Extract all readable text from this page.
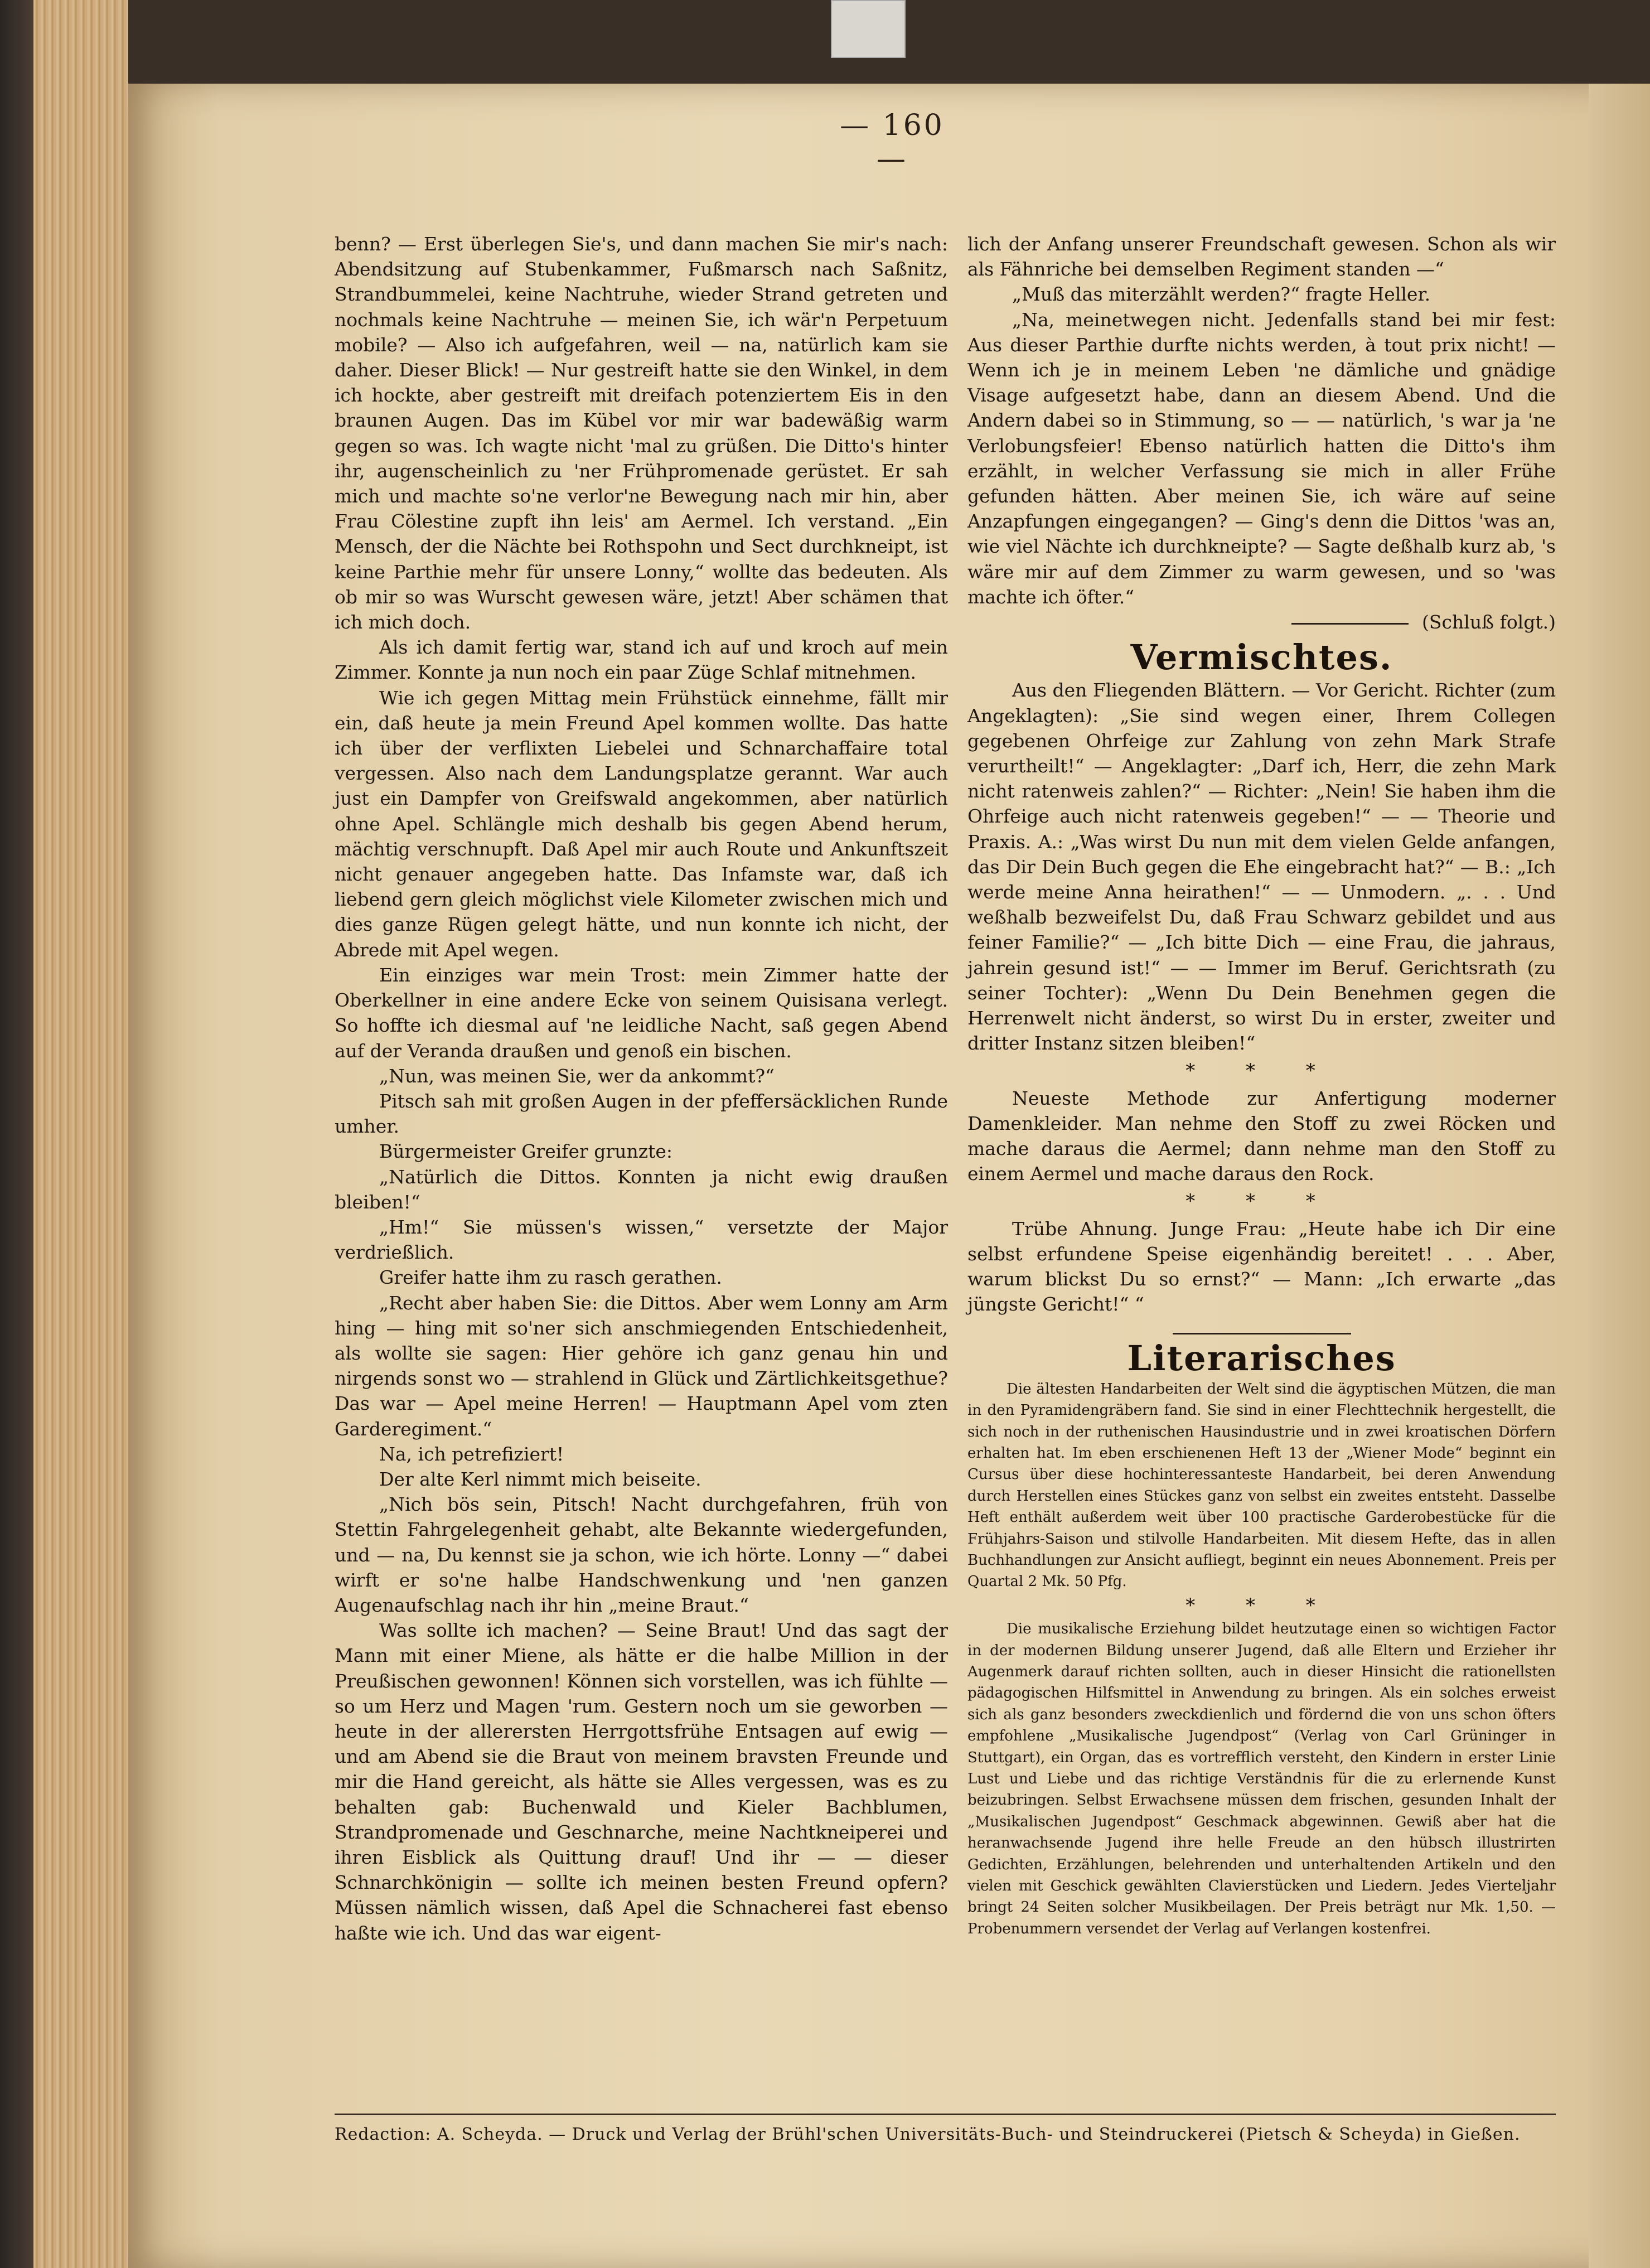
— 160 —

benn? — Erst überlegen Sie's, und dann machen Sie mir's nach: Abendsitzung auf Stubenkammer, Fußmarsch nach Saßnitz, Strandbummelei, keine Nachtruhe, wieder Strand getreten und nochmals keine Nachtruhe — meinen Sie, ich wär'n Perpetuum mobile? — Also ich aufgefahren, weil — na, natürlich kam sie daher. Dieser Blick! — Nur gestreift hatte sie den Winkel, in dem ich hockte, aber gestreift mit dreifach potenziertem Eis in den braunen Augen. Das im Kübel vor mir war badewäßig warm gegen so was. Ich wagte nicht 'mal zu grüßen. Die Ditto's hinter ihr, augenscheinlich zu 'ner Frühpromenade gerüstet. Er sah mich und machte so'ne verlor'ne Bewegung nach mir hin, aber Frau Cölestine zupft ihn leis' am Aermel. Ich verstand. „Ein Mensch, der die Nächte bei Rothspohn und Sect durchkneipt, ist keine Parthie mehr für unsere Lonny,“ wollte das bedeuten. Als ob mir so was Wurscht gewesen wäre, jetzt! Aber schämen that ich mich doch.

Als ich damit fertig war, stand ich auf und kroch auf mein Zimmer. Konnte ja nun noch ein paar Züge Schlaf mitnehmen.

Wie ich gegen Mittag mein Frühstück einnehme, fällt mir ein, daß heute ja mein Freund Apel kommen wollte. Das hatte ich über der verflixten Liebelei und Schnarchaffaire total vergessen. Also nach dem Landungsplatze gerannt. War auch just ein Dampfer von Greifswald angekommen, aber natürlich ohne Apel. Schlängle mich deshalb bis gegen Abend herum, mächtig verschnupft. Daß Apel mir auch Route und Ankunftszeit nicht genauer angegeben hatte. Das Infamste war, daß ich liebend gern gleich möglichst viele Kilometer zwischen mich und dies ganze Rügen gelegt hätte, und nun konnte ich nicht, der Abrede mit Apel wegen.

Ein einziges war mein Trost: mein Zimmer hatte der Oberkellner in eine andere Ecke von seinem Quisisana verlegt. So hoffte ich diesmal auf 'ne leidliche Nacht, saß gegen Abend auf der Veranda draußen und genoß ein bischen.

„Nun, was meinen Sie, wer da ankommt?“

Pitsch sah mit großen Augen in der pfeffersäcklichen Runde umher.

Bürgermeister Greifer grunzte:

„Natürlich die Dittos. Konnten ja nicht ewig draußen bleiben!“

„Hm!“ Sie müssen's wissen,“ versetzte der Major verdrießlich.

Greifer hatte ihm zu rasch gerathen.

„Recht aber haben Sie: die Dittos. Aber wem Lonny am Arm hing — hing mit so'ner sich anschmiegenden Entschiedenheit, als wollte sie sagen: Hier gehöre ich ganz genau hin und nirgends sonst wo — strahlend in Glück und Zärtlichkeitsgethue? Das war — Apel meine Herren! — Hauptmann Apel vom zten Garderegiment.“

Na, ich petrefiziert!

Der alte Kerl nimmt mich beiseite.

„Nich bös sein, Pitsch! Nacht durchgefahren, früh von Stettin Fahrgelegenheit gehabt, alte Bekannte wiedergefunden, und — na, Du kennst sie ja schon, wie ich hörte. Lonny —“ dabei wirft er so'ne halbe Handschwenkung und 'nen ganzen Augenaufschlag nach ihr hin „meine Braut.“

Was sollte ich machen? — Seine Braut! Und das sagt der Mann mit einer Miene, als hätte er die halbe Million in der Preußischen gewonnen! Können sich vorstellen, was ich fühlte — so um Herz und Magen 'rum. Gestern noch um sie geworben — heute in der allerersten Herrgottsfrühe Entsagen auf ewig — und am Abend sie die Braut von meinem bravsten Freunde und mir die Hand gereicht, als hätte sie Alles vergessen, was es zu behalten gab: Buchenwald und Kieler Bachblumen, Strandpromenade und Geschnarche, meine Nachtkneiperei und ihren Eisblick als Quittung drauf! Und ihr — — dieser Schnarchkönigin — sollte ich meinen besten Freund opfern? Müssen nämlich wissen, daß Apel die Schnacherei fast ebenso haßte wie ich. Und das war eigent-

lich der Anfang unserer Freundschaft gewesen. Schon als wir als Fähnriche bei demselben Regiment standen —“

„Muß das miterzählt werden?“ fragte Heller.

„Na, meinetwegen nicht. Jedenfalls stand bei mir fest: Aus dieser Parthie durfte nichts werden, à tout prix nicht! — Wenn ich je in meinem Leben 'ne dämliche und gnädige Visage aufgesetzt habe, dann an diesem Abend. Und die Andern dabei so in Stimmung, so — — natürlich, 's war ja 'ne Verlobungsfeier! Ebenso natürlich hatten die Ditto's ihm erzählt, in welcher Verfassung sie mich in aller Frühe gefunden hätten. Aber meinen Sie, ich wäre auf seine Anzapfungen eingegangen? — Ging's denn die Dittos 'was an, wie viel Nächte ich durchkneipte? — Sagte deßhalb kurz ab, 's wäre mir auf dem Zimmer zu warm gewesen, und so 'was machte ich öfter.“

(Schluß folgt.)

Vermischtes.

Aus den Fliegenden Blättern. — Vor Gericht. Richter (zum Angeklagten): „Sie sind wegen einer, Ihrem Collegen gegebenen Ohrfeige zur Zahlung von zehn Mark Strafe verurtheilt!“ — Angeklagter: „Darf ich, Herr, die zehn Mark nicht ratenweis zahlen?“ — Richter: „Nein! Sie haben ihm die Ohrfeige auch nicht ratenweis gegeben!“ — — Theorie und Praxis. A.: „Was wirst Du nun mit dem vielen Gelde anfangen, das Dir Dein Buch gegen die Ehe eingebracht hat?“ — B.: „Ich werde meine Anna heirathen!“ — — Unmodern. „. . . Und weßhalb bezweifelst Du, daß Frau Schwarz gebildet und aus feiner Familie?“ — „Ich bitte Dich — eine Frau, die jahraus, jahrein gesund ist!“ — — Immer im Beruf. Gerichtsrath (zu seiner Tochter): „Wenn Du Dein Benehmen gegen die Herrenwelt nicht änderst, so wirst Du in erster, zweiter und dritter Instanz sitzen bleiben!“

* * *

Neueste Methode zur Anfertigung moderner Damenkleider. Man nehme den Stoff zu zwei Röcken und mache daraus die Aermel; dann nehme man den Stoff zu einem Aermel und mache daraus den Rock.

* * *

Trübe Ahnung. Junge Frau: „Heute habe ich Dir eine selbst erfundene Speise eigenhändig bereitet! . . . Aber, warum blickst Du so ernst?“ — Mann: „Ich erwarte „das jüngste Gericht!“ “

Literarisches

Die ältesten Handarbeiten der Welt sind die ägyptischen Mützen, die man in den Pyramidengräbern fand. Sie sind in einer Flechttechnik hergestellt, die sich noch in der ruthenischen Hausindustrie und in zwei kroatischen Dörfern erhalten hat. Im eben erschienenen Heft 13 der „Wiener Mode“ beginnt ein Cursus über diese hochinteressanteste Handarbeit, bei deren Anwendung durch Herstellen eines Stückes ganz von selbst ein zweites entsteht. Dasselbe Heft enthält außerdem weit über 100 practische Garderobestücke für die Frühjahrs-Saison und stilvolle Handarbeiten. Mit diesem Hefte, das in allen Buchhandlungen zur Ansicht aufliegt, beginnt ein neues Abonnement. Preis per Quartal 2 Mk. 50 Pfg.

* * *

Die musikalische Erziehung bildet heutzutage einen so wichtigen Factor in der modernen Bildung unserer Jugend, daß alle Eltern und Erzieher ihr Augenmerk darauf richten sollten, auch in dieser Hinsicht die rationellsten pädagogischen Hilfsmittel in Anwendung zu bringen. Als ein solches erweist sich als ganz besonders zweckdienlich und fördernd die von uns schon öfters empfohlene „Musikalische Jugendpost“ (Verlag von Carl Grüninger in Stuttgart), ein Organ, das es vortrefflich versteht, den Kindern in erster Linie Lust und Liebe und das richtige Verständnis für die zu erlernende Kunst beizubringen. Selbst Erwachsene müssen dem frischen, gesunden Inhalt der „Musikalischen Jugendpost“ Geschmack abgewinnen. Gewiß aber hat die heranwachsende Jugend ihre helle Freude an den hübsch illustrirten Gedichten, Erzählungen, belehrenden und unterhaltenden Artikeln und den vielen mit Geschick gewählten Clavierstücken und Liedern. Jedes Vierteljahr bringt 24 Seiten solcher Musikbeilagen. Der Preis beträgt nur Mk. 1,50. — Probenummern versendet der Verlag auf Verlangen kostenfrei.

Redaction: A. Scheyda. — Druck und Verlag der Brühl'schen Universitäts-Buch- und Steindruckerei (Pietsch & Scheyda) in Gießen.
